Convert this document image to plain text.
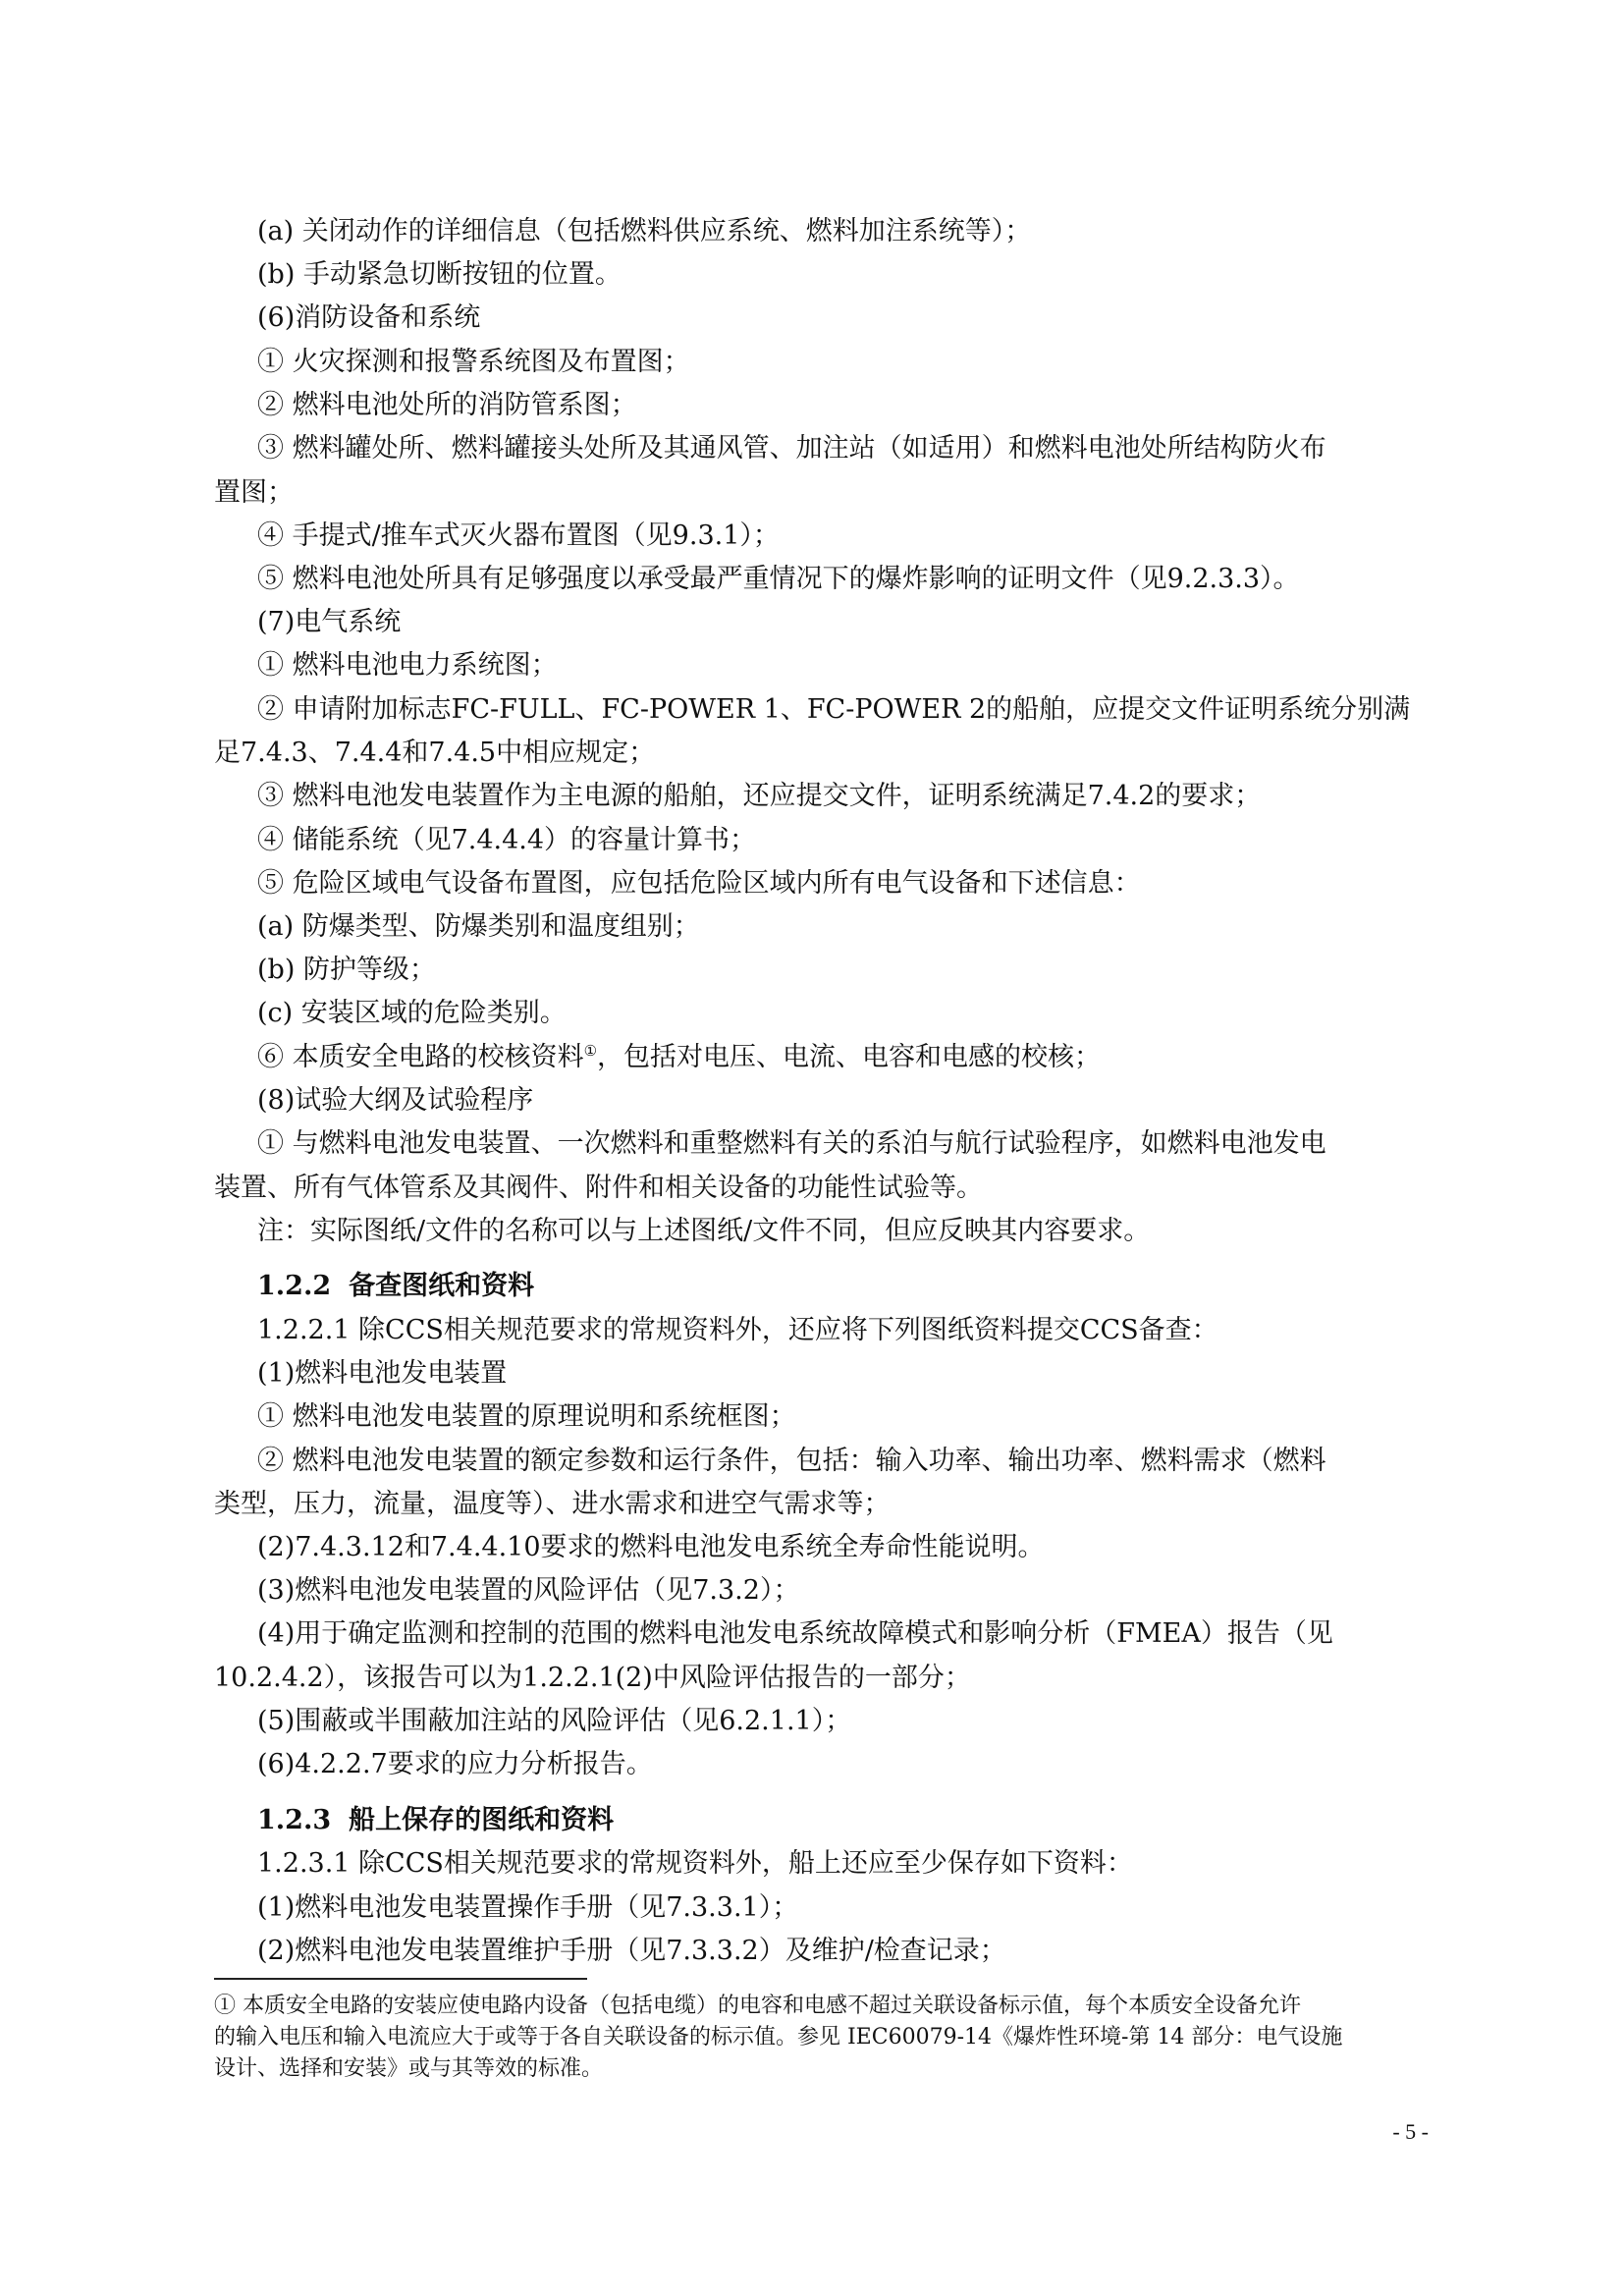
(a) 关闭动作的详细信息（包括燃料供应系统、燃料加注系统等）；
(b) 手动紧急切断按钮的位置。
(6)消防设备和系统
① 火灾探测和报警系统图及布置图；
② 燃料电池处所的消防管系图；
③ 燃料罐处所、燃料罐接头处所及其通风管、加注站（如适用）和燃料电池处所结构防火布
置图；
④ 手提式/推车式灭火器布置图（见9.3.1）；
⑤ 燃料电池处所具有足够强度以承受最严重情况下的爆炸影响的证明文件（见9.2.3.3）。
(7)电气系统
① 燃料电池电力系统图；
② 申请附加标志FC-FULL、FC-POWER 1、FC-POWER 2的船舶，应提交文件证明系统分别满
足7.4.3、7.4.4和7.4.5中相应规定；
③ 燃料电池发电装置作为主电源的船舶，还应提交文件，证明系统满足7.4.2的要求；
④ 储能系统（见7.4.4.4）的容量计算书；
⑤ 危险区域电气设备布置图，应包括危险区域内所有电气设备和下述信息：
(a) 防爆类型、防爆类别和温度组别；
(b) 防护等级；
(c) 安装区域的危险类别。
⑥ 本质安全电路的校核资料①，包括对电压、电流、电容和电感的校核；
(8)试验大纲及试验程序
① 与燃料电池发电装置、一次燃料和重整燃料有关的系泊与航行试验程序，如燃料电池发电
装置、所有气体管系及其阀件、附件和相关设备的功能性试验等。
注：实际图纸/文件的名称可以与上述图纸/文件不同，但应反映其内容要求。
1.2.2 备查图纸和资料
1.2.2.1 除CCS相关规范要求的常规资料外，还应将下列图纸资料提交CCS备查：
(1)燃料电池发电装置
① 燃料电池发电装置的原理说明和系统框图；
② 燃料电池发电装置的额定参数和运行条件，包括：输入功率、输出功率、燃料需求（燃料
类型，压力，流量，温度等）、进水需求和进空气需求等；
(2)7.4.3.12和7.4.4.10要求的燃料电池发电系统全寿命性能说明。
(3)燃料电池发电装置的风险评估（见7.3.2）；
(4)用于确定监测和控制的范围的燃料电池发电系统故障模式和影响分析（FMEA）报告（见
10.2.4.2），该报告可以为1.2.2.1(2)中风险评估报告的一部分；
(5)围蔽或半围蔽加注站的风险评估（见6.2.1.1）；
(6)4.2.2.7要求的应力分析报告。
1.2.3 船上保存的图纸和资料
1.2.3.1 除CCS相关规范要求的常规资料外，船上还应至少保存如下资料：
(1)燃料电池发电装置操作手册（见7.3.3.1）；
(2)燃料电池发电装置维护手册（见7.3.3.2）及维护/检查记录；
① 本质安全电路的安装应使电路内设备（包括电缆）的电容和电感不超过关联设备标示值，每个本质安全设备允许
的输入电压和输入电流应大于或等于各自关联设备的标示值。参见 IEC60079-14《爆炸性环境-第 14 部分：电气设施
设计、选择和安装》或与其等效的标准。
- 5 -
